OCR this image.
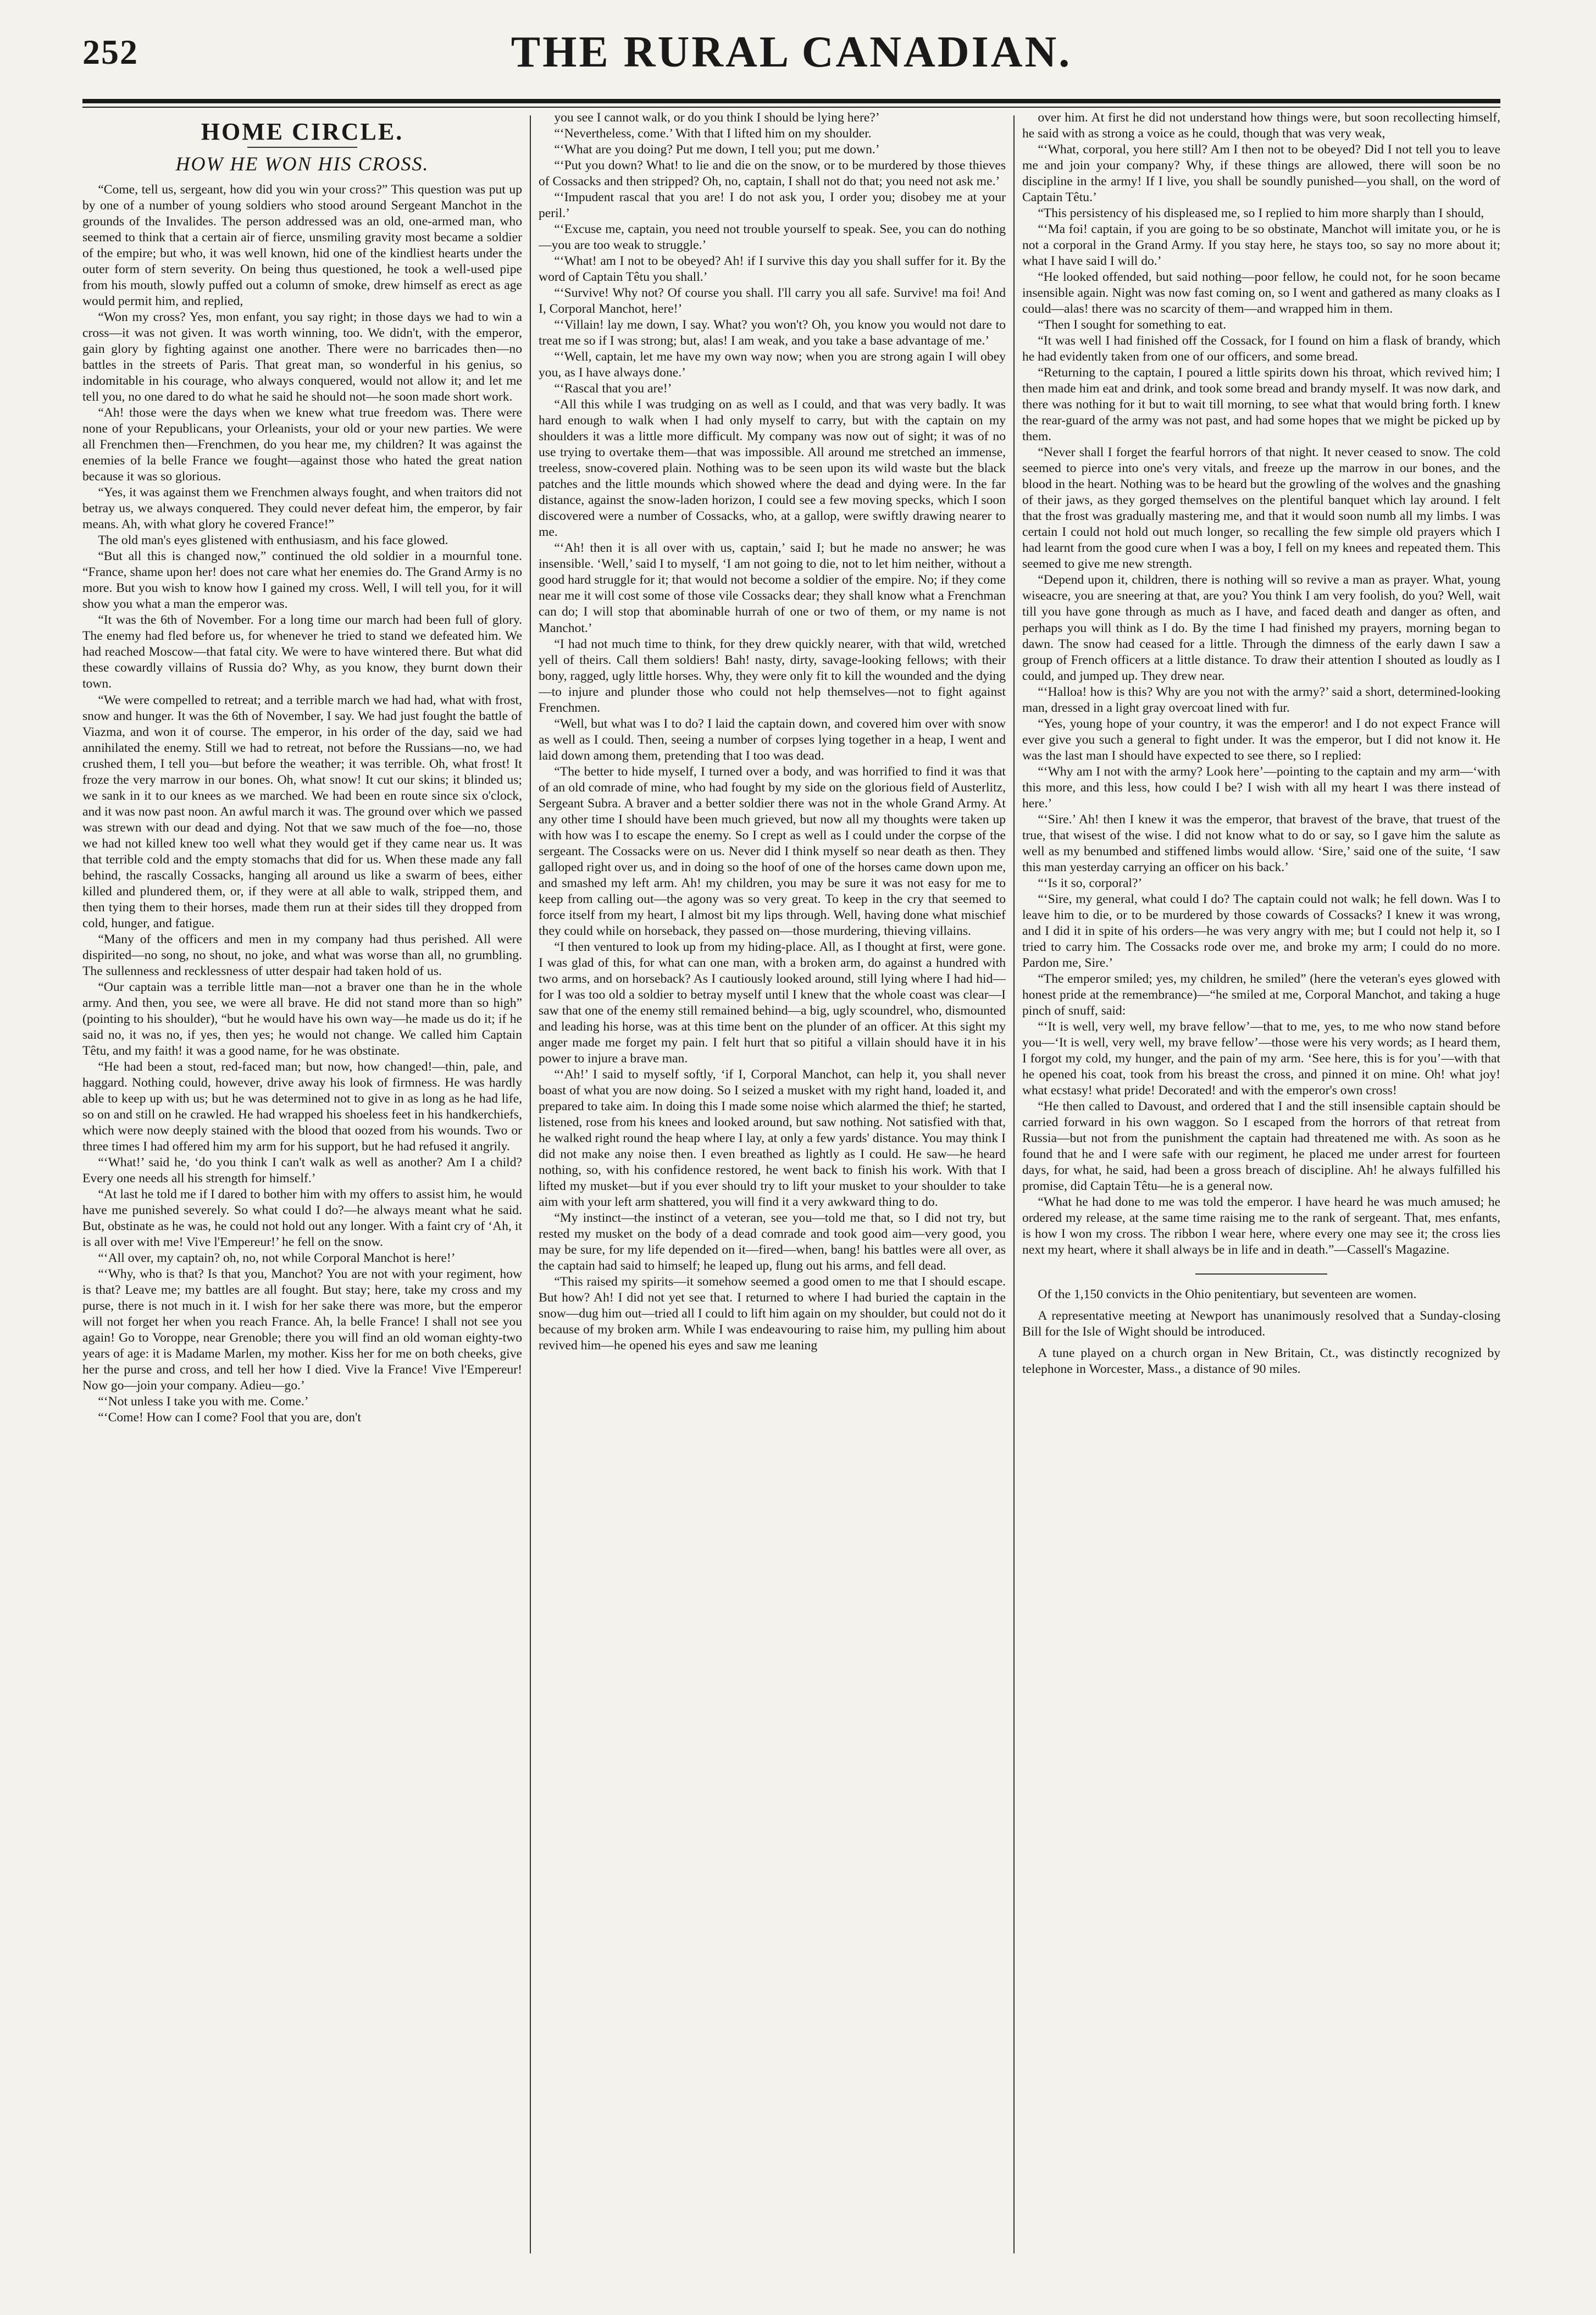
252	THE RURAL CANADIAN.
HOME CIRCLE.
HOW HE WON HIS CROSS.

“Come, tell us, sergeant, how did you win your cross?” This question was put up by one of a number of young soldiers who stood around Sergeant Manchot in the grounds of the Invalides. The person addressed was an old, one-armed man, who seemed to think that a certain air of fierce, unsmiling gravity most became a soldier of the empire; but who, it was well known, hid one of the kindliest hearts under the outer form of stern severity. On being thus questioned, he took a well-used pipe from his mouth, slowly puffed out a column of smoke, drew himself as erect as age would permit him, and replied,

“Won my cross? Yes, mon enfant, you say right; in those days we had to win a cross—it was not given. It was worth winning, too. We didn't, with the emperor, gain glory by fighting against one another. There were no barricades then—no battles in the streets of Paris. That great man, so wonderful in his genius, so indomitable in his courage, who always conquered, would not allow it; and let me tell you, no one dared to do what he said he should not—he soon made short work.

“Ah! those were the days when we knew what true freedom was. There were none of your Republicans, your Orleanists, your old or your new parties. We were all Frenchmen then—Frenchmen, do you hear me, my children? It was against the enemies of la belle France we fought—against those who hated the great nation because it was so glorious.

“Yes, it was against them we Frenchmen always fought, and when traitors did not betray us, we always conquered. They could never defeat him, the emperor, by fair means. Ah, with what glory he covered France!”

The old man's eyes glistened with enthusiasm, and his face glowed.

“But all this is changed now,” continued the old soldier in a mournful tone. “France, shame upon her! does not care what her enemies do. The Grand Army is no more. But you wish to know how I gained my cross. Well, I will tell you, for it will show you what a man the emperor was.

“It was the 6th of November. For a long time our march had been full of glory. The enemy had fled before us, for whenever he tried to stand we defeated him. We had reached Moscow—that fatal city. We were to have wintered there. But what did these cowardly villains of Russia do? Why, as you know, they burnt down their town.

“We were compelled to retreat; and a terrible march we had had, what with frost, snow and hunger. It was the 6th of November, I say. We had just fought the battle of Viazma, and won it of course. The emperor, in his order of the day, said we had annihilated the enemy. Still we had to retreat, not before the Russians—no, we had crushed them, I tell you—but before the weather; it was terrible. Oh, what frost! It froze the very marrow in our bones. Oh, what snow! It cut our skins; it blinded us; we sank in it to our knees as we marched. We had been en route since six o'clock, and it was now past noon. An awful march it was. The ground over which we passed was strewn with our dead and dying. Not that we saw much of the foe—no, those we had not killed knew too well what they would get if they came near us. It was that terrible cold and the empty stomachs that did for us. When these made any fall behind, the rascally Cossacks, hanging all around us like a swarm of bees, either killed and plundered them, or, if they were at all able to walk, stripped them, and then tying them to their horses, made them run at their sides till they dropped from cold, hunger, and fatigue.

“Many of the officers and men in my company had thus perished. All were dispirited—no song, no shout, no joke, and what was worse than all, no grumbling. The sullenness and recklessness of utter despair had taken hold of us.

“Our captain was a terrible little man—not a braver one than he in the whole army. And then, you see, we were all brave. He did not stand more than so high” (pointing to his shoulder), “but he would have his own way—he made us do it; if he said no, it was no, if yes, then yes; he would not change. We called him Captain Têtu, and my faith! it was a good name, for he was obstinate.

“He had been a stout, red-faced man; but now, how changed!—thin, pale, and haggard. Nothing could, however, drive away his look of firmness. He was hardly able to keep up with us; but he was determined not to give in as long as he had life, so on and still on he crawled. He had wrapped his shoeless feet in his handkerchiefs, which were now deeply stained with the blood that oozed from his wounds. Two or three times I had offered him my arm for his support, but he had refused it angrily.

“‘What!’ said he, ‘do you think I can't walk as well as another? Am I a child? Every one needs all his strength for himself.’

“At last he told me if I dared to bother him with my offers to assist him, he would have me punished severely. So what could I do?—he always meant what he said. But, obstinate as he was, he could not hold out any longer. With a faint cry of ‘Ah, it is all over with me! Vive l'Empereur!’ he fell on the snow.

“‘All over, my captain? oh, no, not while Corporal Manchot is here!’

“‘Why, who is that? Is that you, Manchot? You are not with your regiment, how is that? Leave me; my battles are all fought. But stay; here, take my cross and my purse, there is not much in it. I wish for her sake there was more, but the emperor will not forget her when you reach France. Ah, la belle France! I shall not see you again! Go to Voroppe, near Grenoble; there you will find an old woman eighty-two years of age: it is Madame Marlen, my mother. Kiss her for me on both cheeks, give her the purse and cross, and tell her how I died. Vive la France! Vive l'Empereur! Now go—join your company. Adieu—go.’

“‘Not unless I take you with me. Come.’

“‘Come! How can I come? Fool that you are, don't

you see I cannot walk, or do you think I should be lying here?’

“‘Nevertheless, come.’ With that I lifted him on my shoulder.

“‘What are you doing? Put me down, I tell you; put me down.’

“‘Put you down? What! to lie and die on the snow, or to be murdered by those thieves of Cossacks and then stripped? Oh, no, captain, I shall not do that; you need not ask me.’

“‘Impudent rascal that you are! I do not ask you, I order you; disobey me at your peril.’

“‘Excuse me, captain, you need not trouble yourself to speak. See, you can do nothing—you are too weak to struggle.’

“‘What! am I not to be obeyed? Ah! if I survive this day you shall suffer for it. By the word of Captain Têtu you shall.’

“‘Survive! Why not? Of course you shall. I'll carry you all safe. Survive! ma foi! And I, Corporal Manchot, here!’

“‘Villain! lay me down, I say. What? you won't? Oh, you know you would not dare to treat me so if I was strong; but, alas! I am weak, and you take a base advantage of me.’

“‘Well, captain, let me have my own way now; when you are strong again I will obey you, as I have always done.’

“‘Rascal that you are!’

“All this while I was trudging on as well as I could, and that was very badly. It was hard enough to walk when I had only myself to carry, but with the captain on my shoulders it was a little more difficult. My company was now out of sight; it was of no use trying to overtake them—that was impossible. All around me stretched an immense, treeless, snow-covered plain. Nothing was to be seen upon its wild waste but the black patches and the little mounds which showed where the dead and dying were. In the far distance, against the snow-laden horizon, I could see a few moving specks, which I soon discovered were a number of Cossacks, who, at a gallop, were swiftly drawing nearer to me.

“‘Ah! then it is all over with us, captain,’ said I; but he made no answer; he was insensible. ‘Well,’ said I to myself, ‘I am not going to die, not to let him neither, without a good hard struggle for it; that would not become a soldier of the empire. No; if they come near me it will cost some of those vile Cossacks dear; they shall know what a Frenchman can do; I will stop that abominable hurrah of one or two of them, or my name is not Manchot.’

“I had not much time to think, for they drew quickly nearer, with that wild, wretched yell of theirs. Call them soldiers! Bah! nasty, dirty, savage-looking fellows; with their bony, ragged, ugly little horses. Why, they were only fit to kill the wounded and the dying—to injure and plunder those who could not help themselves—not to fight against Frenchmen.

“Well, but what was I to do? I laid the captain down, and covered him over with snow as well as I could. Then, seeing a number of corpses lying together in a heap, I went and laid down among them, pretending that I too was dead.

“The better to hide myself, I turned over a body, and was horrified to find it was that of an old comrade of mine, who had fought by my side on the glorious field of Austerlitz, Sergeant Subra. A braver and a better soldier there was not in the whole Grand Army. At any other time I should have been much grieved, but now all my thoughts were taken up with how was I to escape the enemy. So I crept as well as I could under the corpse of the sergeant. The Cossacks were on us. Never did I think myself so near death as then. They galloped right over us, and in doing so the hoof of one of the horses came down upon me, and smashed my left arm. Ah! my children, you may be sure it was not easy for me to keep from calling out—the agony was so very great. To keep in the cry that seemed to force itself from my heart, I almost bit my lips through. Well, having done what mischief they could while on horseback, they passed on—those murdering, thieving villains.

“I then ventured to look up from my hiding-place. All, as I thought at first, were gone. I was glad of this, for what can one man, with a broken arm, do against a hundred with two arms, and on horseback? As I cautiously looked around, still lying where I had hid—for I was too old a soldier to betray myself until I knew that the whole coast was clear—I saw that one of the enemy still remained behind—a big, ugly scoundrel, who, dismounted and leading his horse, was at this time bent on the plunder of an officer. At this sight my anger made me forget my pain. I felt hurt that so pitiful a villain should have it in his power to injure a brave man.

“‘Ah!’ I said to myself softly, ‘if I, Corporal Manchot, can help it, you shall never boast of what you are now doing. So I seized a musket with my right hand, loaded it, and prepared to take aim. In doing this I made some noise which alarmed the thief; he started, listened, rose from his knees and looked around, but saw nothing. Not satisfied with that, he walked right round the heap where I lay, at only a few yards' distance. You may think I did not make any noise then. I even breathed as lightly as I could. He saw—he heard nothing, so, with his confidence restored, he went back to finish his work. With that I lifted my musket—but if you ever should try to lift your musket to your shoulder to take aim with your left arm shattered, you will find it a very awkward thing to do.

“My instinct—the instinct of a veteran, see you—told me that, so I did not try, but rested my musket on the body of a dead comrade and took good aim—very good, you may be sure, for my life depended on it—fired—when, bang! his battles were all over, as the captain had said to himself; he leaped up, flung out his arms, and fell dead.

“This raised my spirits—it somehow seemed a good omen to me that I should escape. But how? Ah! I did not yet see that. I returned to where I had buried the captain in the snow—dug him out—tried all I could to lift him again on my shoulder, but could not do it because of my broken arm. While I was endeavouring to raise him, my pulling him about revived him—he opened his eyes and saw me leaning

over him. At first he did not understand how things were, but soon recollecting himself, he said with as strong a voice as he could, though that was very weak,

“‘What, corporal, you here still? Am I then not to be obeyed? Did I not tell you to leave me and join your company? Why, if these things are allowed, there will soon be no discipline in the army! If I live, you shall be soundly punished—you shall, on the word of Captain Têtu.’

“This persistency of his displeased me, so I replied to him more sharply than I should,

“‘Ma foi! captain, if you are going to be so obstinate, Manchot will imitate you, or he is not a corporal in the Grand Army. If you stay here, he stays too, so say no more about it; what I have said I will do.’

“He looked offended, but said nothing—poor fellow, he could not, for he soon became insensible again. Night was now fast coming on, so I went and gathered as many cloaks as I could—alas! there was no scarcity of them—and wrapped him in them.

“Then I sought for something to eat.

“It was well I had finished off the Cossack, for I found on him a flask of brandy, which he had evidently taken from one of our officers, and some bread.

“Returning to the captain, I poured a little spirits down his throat, which revived him; I then made him eat and drink, and took some bread and brandy myself. It was now dark, and there was nothing for it but to wait till morning, to see what that would bring forth. I knew the rear-guard of the army was not past, and had some hopes that we might be picked up by them.

“Never shall I forget the fearful horrors of that night. It never ceased to snow. The cold seemed to pierce into one's very vitals, and freeze up the marrow in our bones, and the blood in the heart. Nothing was to be heard but the growling of the wolves and the gnashing of their jaws, as they gorged themselves on the plentiful banquet which lay around. I felt that the frost was gradually mastering me, and that it would soon numb all my limbs. I was certain I could not hold out much longer, so recalling the few simple old prayers which I had learnt from the good cure when I was a boy, I fell on my knees and repeated them. This seemed to give me new strength.

“Depend upon it, children, there is nothing will so revive a man as prayer. What, young wiseacre, you are sneering at that, are you? You think I am very foolish, do you? Well, wait till you have gone through as much as I have, and faced death and danger as often, and perhaps you will think as I do. By the time I had finished my prayers, morning began to dawn. The snow had ceased for a little. Through the dimness of the early dawn I saw a group of French officers at a little distance. To draw their attention I shouted as loudly as I could, and jumped up. They drew near.

“‘Halloa! how is this? Why are you not with the army?’ said a short, determined-looking man, dressed in a light gray overcoat lined with fur.

“Yes, young hope of your country, it was the emperor! and I do not expect France will ever give you such a general to fight under. It was the emperor, but I did not know it. He was the last man I should have expected to see there, so I replied:

“‘Why am I not with the army? Look here’—pointing to the captain and my arm—‘with this more, and this less, how could I be? I wish with all my heart I was there instead of here.’

“‘Sire.’ Ah! then I knew it was the emperor, that bravest of the brave, that truest of the true, that wisest of the wise. I did not know what to do or say, so I gave him the salute as well as my benumbed and stiffened limbs would allow. ‘Sire,’ said one of the suite, ‘I saw this man yesterday carrying an officer on his back.’

“‘Is it so, corporal?’

“‘Sire, my general, what could I do? The captain could not walk; he fell down. Was I to leave him to die, or to be murdered by those cowards of Cossacks? I knew it was wrong, and I did it in spite of his orders—he was very angry with me; but I could not help it, so I tried to carry him. The Cossacks rode over me, and broke my arm; I could do no more. Pardon me, Sire.’

“The emperor smiled; yes, my children, he smiled” (here the veteran's eyes glowed with honest pride at the remembrance)—“he smiled at me, Corporal Manchot, and taking a huge pinch of snuff, said:

“‘It is well, very well, my brave fellow’—that to me, yes, to me who now stand before you—‘It is well, very well, my brave fellow’—those were his very words; as I heard them, I forgot my cold, my hunger, and the pain of my arm. ‘See here, this is for you’—with that he opened his coat, took from his breast the cross, and pinned it on mine. Oh! what joy! what ecstasy! what pride! Decorated! and with the emperor's own cross!

“He then called to Davoust, and ordered that I and the still insensible captain should be carried forward in his own waggon. So I escaped from the horrors of that retreat from Russia—but not from the punishment the captain had threatened me with. As soon as he found that he and I were safe with our regiment, he placed me under arrest for fourteen days, for what, he said, had been a gross breach of discipline. Ah! he always fulfilled his promise, did Captain Têtu—he is a general now.

“What he had done to me was told the emperor. I have heard he was much amused; he ordered my release, at the same time raising me to the rank of sergeant. That, mes enfants, is how I won my cross. The ribbon I wear here, where every one may see it; the cross lies next my heart, where it shall always be in life and in death.”—Cassell's Magazine.

Of the 1,150 convicts in the Ohio penitentiary, but seventeen are women.

A representative meeting at Newport has unanimously resolved that a Sunday-closing Bill for the Isle of Wight should be introduced.

A tune played on a church organ in New Britain, Ct., was distinctly recognized by telephone in Worcester, Mass., a distance of 90 miles.
